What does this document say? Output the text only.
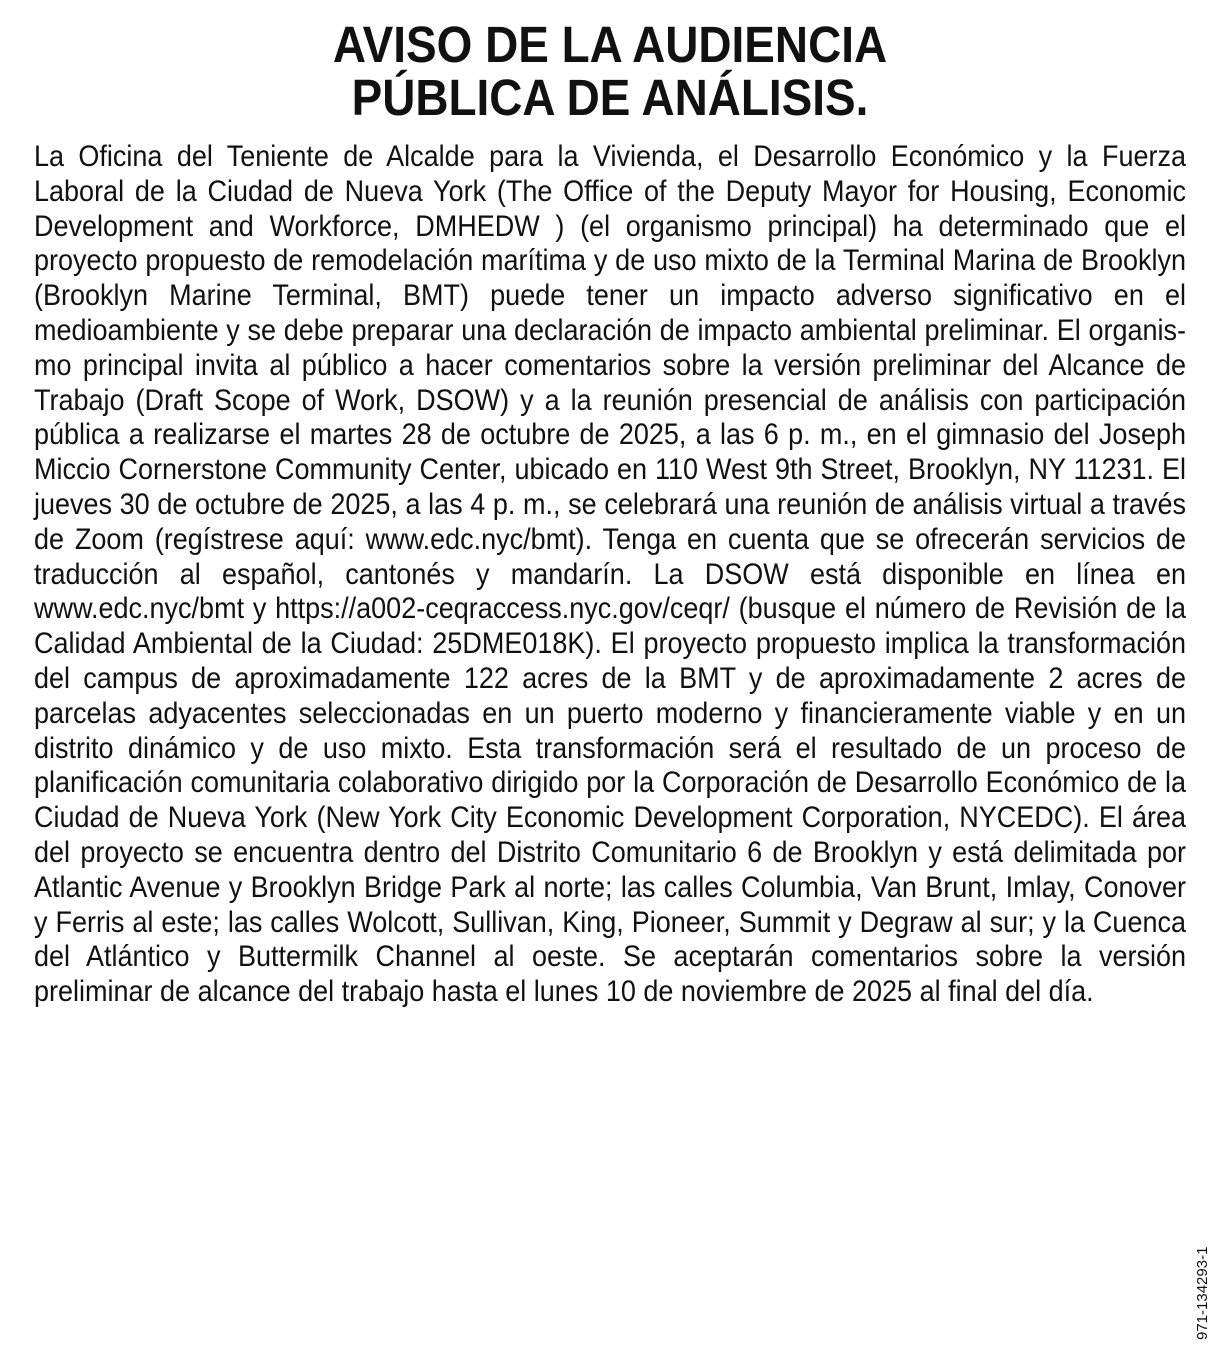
AVISO DE LA AUDIENCIA
PÚBLICA DE ANÁLISIS.

La Oficina del Teniente de Alcalde para la Vivienda, el Desarrollo Económico y la Fuerza Laboral de la Ciudad de Nueva York (The Office of the Deputy Mayor for Housing, Economic Development and Workforce, DMHEDW ) (el organismo principal) ha determinado que el proyecto propuesto de remodelación marítima y de uso mixto de la Terminal Marina de Brooklyn (Brooklyn Marine Terminal, BMT) puede tener un impacto adverso significativo en el medioambiente y se debe preparar una declaración de impacto ambiental preliminar. El organismo principal invita al público a hacer comentarios sobre la versión preliminar del Alcance de Trabajo (Draft Scope of Work, DSOW) y a la reunión presencial de análisis con participación pública a realizarse el martes 28 de octubre de 2025, a las 6 p. m., en el gimnasio del Joseph Miccio Cornerstone Community Center, ubicado en 110 West 9th Street, Brooklyn, NY 11231. El jueves 30 de octubre de 2025, a las 4 p. m., se celebrará una reunión de análisis virtual a través de Zoom (regístrese aquí: www.edc.nyc/bmt). Tenga en cuenta que se ofrecerán servicios de traducción al español, cantonés y mandarín. La DSOW está disponible en línea en www.edc.nyc/bmt y https://a002-ceqraccess.nyc.​gov/ceqr/ (busque el número de Revisión de la Calidad Ambiental de la Ciudad: 25DME018K). El proyecto propuesto implica la transformación del campus de aproximadamente 122 acres de la BMT y de aproximadamente 2 acres de parcelas adyacentes seleccionadas en un puerto moderno y financieramente viable y en un distrito dinámico y de uso mixto. Esta transformación será el resultado de un proceso de planificación comunitaria colaborativo dirigido por la Corporación de Desarrollo Económico de la Ciudad de Nueva York (New York City Economic Development Corporation, NYCEDC). El área del proyecto se encuentra dentro del Distrito Comunitario 6 de Brooklyn y está delimitada por Atlantic Avenue y Brooklyn Bridge Park al norte; las calles Columbia, Van Brunt, Imlay, Conover y Ferris al este; las calles Wolcott, Sullivan, King, Pioneer, Summit y Degraw al sur; y la Cuenca del Atlántico y Buttermilk Channel al oeste. Se aceptarán comentarios sobre la versión preliminar de alcance del trabajo hasta el lunes 10 de noviembre de 2025 al final del día.

971-134293-1
